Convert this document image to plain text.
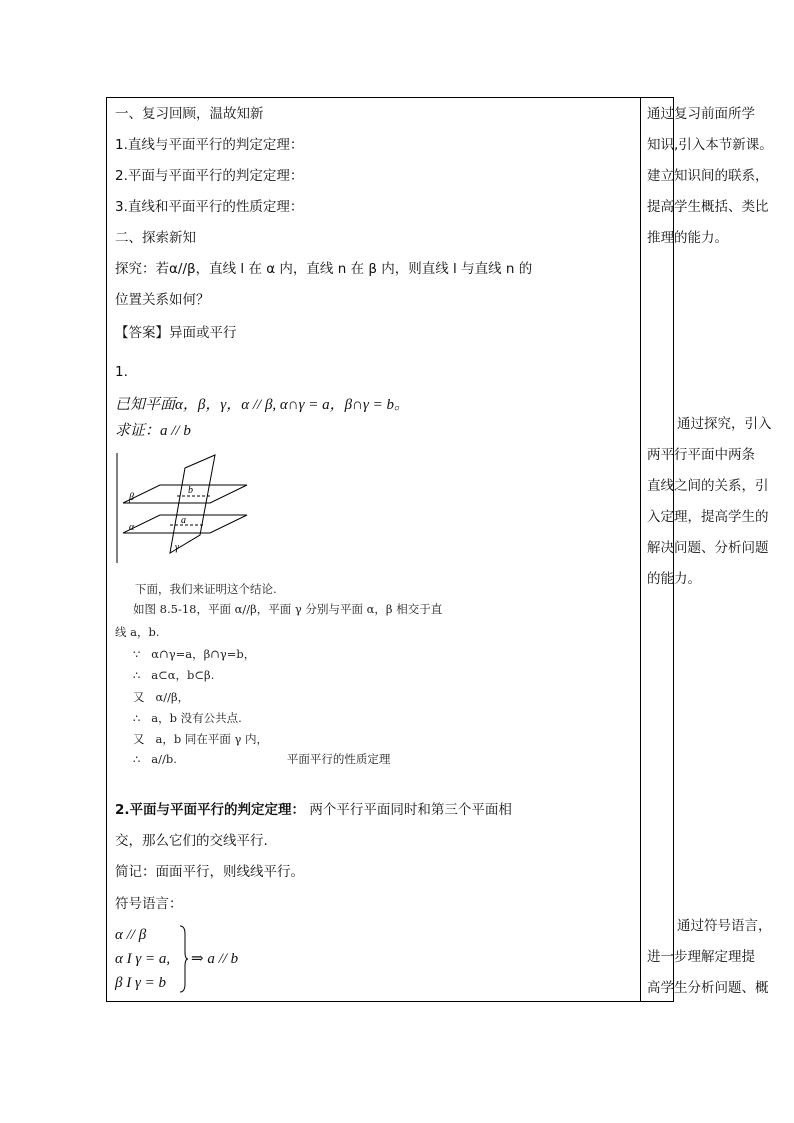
一、复习回顾，温故知新
1.直线与平面平行的判定定理：
2.平面与平面平行的判定定理：
3.直线和平面平行的性质定理：
二、探索新知
探究：若α//β，直线 l 在 α 内，直线 n 在 β 内，则直线 l 与直线 n 的
位置关系如何？
【答案】异面或平行
1.
已知平面α，β，γ，α // β, α∩γ = a，β∩γ = b。
求证：a // b
β
α
γ
b
a
下面，我们来证明这个结论.
如图 8.5-18，平面 α//β，平面 γ 分别与平面 α，β 相交于直
线 a，b.
∵ α∩γ=a，β∩γ=b，
∴ a⊂α，b⊂β.
又 α//β，
∴ a，b 没有公共点.
又 a，b 同在平面 γ 内，
∴ a//b.	平面平行的性质定理
2.平面与平面平行的判定定理： 两个平行平面同时和第三个平面相
交，那么它们的交线平行.
简记：面面平行，则线线平行。
符号语言：
α // β
α I γ = a,
β I γ = b
⇒ a // b
通过复习前面所学
知识,引入本节新课。
建立知识间的联系，
提高学生概括、类比
推理的能力。
通过探究，引入
两平行平面中两条
直线之间的关系，引
入定理，提高学生的
解决问题、分析问题
的能力。
通过符号语言，
进一步理解定理提
高学生分析问题、概
